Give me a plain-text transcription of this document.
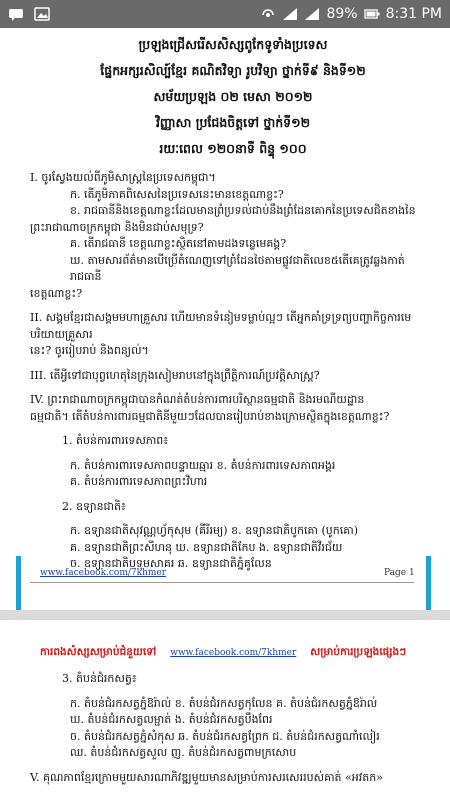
89% 8:31 PM
ប្រឡងជ្រើសរើសសិស្សពូកែទូទាំងប្រទេស
ផ្នែកអក្សរសិល្ប៍ខ្មែរ គណិតវិទ្យា រូបវិទ្យា ថ្នាក់ទី៩ និងទី១២
សម័យប្រឡង ០២ មេសា ២០១២
វិញ្ញាសា ប្រជែងចិត្តទៅ ថ្នាក់ទី១២
រយៈពេល ១២០នាទី ពិន្ទុ ១០០
I. ចូរស្វែងយល់ពីភូមិសាស្ត្រនៃប្រទេសកម្ពុជា។
ក. តើភូមិភាគពិសេសនៃប្រទេសនេះមានខេត្តណាខ្លះ?
ខ. រាជធានីនិងខេត្តណាខ្លះដែលមានព្រំប្រទល់ជាប់នឹងព្រំដែនគោកនៃប្រទេសជិតខាងនៃ
ព្រះរាជាណាចក្រកម្ពុជា និងមិនជាប់សមុទ្រ?
គ. តើរាជធានី ខេត្តណាខ្លះស្ថិតនៅតាមដងទន្លេមេគង្គ?
ឃ. តាមសារព័ត៌មានបើប្រើតំណេញទៅព្រំដែនថៃតាមផ្លូវជាតិលេខ៥តើគេត្រូវឆ្លងកាត់រាជធានី
ខេត្តណាខ្លះ?
II. សង្គមខ្មែរជាសង្គមមហាគ្រួសារ ហើយមានទំនៀមទម្លាប់ល្អៗ តើអ្នកគាំទ្រទ្រព្យបញ្ហាកិច្ចការមេបរិយាយគ្រួសារ
នេះ? ចូររៀបរាប់ និងពន្យល់។
III. តើអ្វីទៅជាបុព្វហេតុនៃក្រុងសៀមរាបនៅក្នុងព្រឹត្តិការណ៍ប្រវត្តិសាស្ត្រ?
IV. ព្រះរាជាណាចក្រកម្ពុជាបានកំណត់តំបន់ការពារបរិស្ថានធម្មជាតិ និងរមណីយដ្ឋាន
ធម្មជាតិ។ តើតំបន់ការពារធម្មជាតិនីមួយៗដែលបានរៀបរាប់ខាងក្រោមស្ថិតក្នុងខេត្តណាខ្លះ?
1. តំបន់ការពារទេសភាព៖
ក. តំបន់ការពារទេសភាពបន្ទាយឆ្មារ ខ. តំបន់ការពារទេសភាពអង្គរ
គ. តំបន់ការពារទេសភាពព្រះវិហារ
2. ឧទ្យានជាតិ៖
ក. ឧទ្យានជាតិសុវណ្ណហ្វ័កុសុម (គីរីរម្យ) ខ. ឧទ្យានជាតិបូកគោ (បូកគោ)
គ. ឧទ្យានជាតិព្រះសីហនុ ឃ. ឧទ្យានជាតិកែប ង. ឧទ្យានជាតិវីរជ័យ
ច. ឧទ្យានជាតិបទុមសាគរ ឆ. ឧទ្យានជាតិភ្នំគូលែន
www.facebook.com/7khmer	Page 1
ការពងសំស្សសម្រាប់ជំនួយទៅ www.facebook.com/7khmer សម្រាប់ការប្រឡងផ្សេងៗ
3. តំបន់ជំរកសត្វ៖
ក. តំបន់ជំរកសត្វភ្នំឱរ៉ាល់ ខ. តំបន់ជំរកសត្វកុលែន គ. តំបន់ជំរកសត្វភ្នំឱរ៉ាល់
ឃ. តំបន់ជំរកសត្វលម្ផាត់ ង. តំបន់ជំរកសត្វបឹងពែរ
ច. តំបន់ជំរកសត្វភ្នំសំកុស ឆ. តំបន់ជំរកសត្វព្រែក ជ. តំបន់ជំរកសត្វណាំលៀរ
ឈ. តំបន់ជំរកសត្វសួល ញ. តំបន់ជំរកសត្វពាមក្រសោប
V. គុណភាពខ្មែរក្រោមមួយសារណាភិវឌ្ឍមួយមានសម្រាប់ការសរសេររបស់គាត់ «អវតក»
